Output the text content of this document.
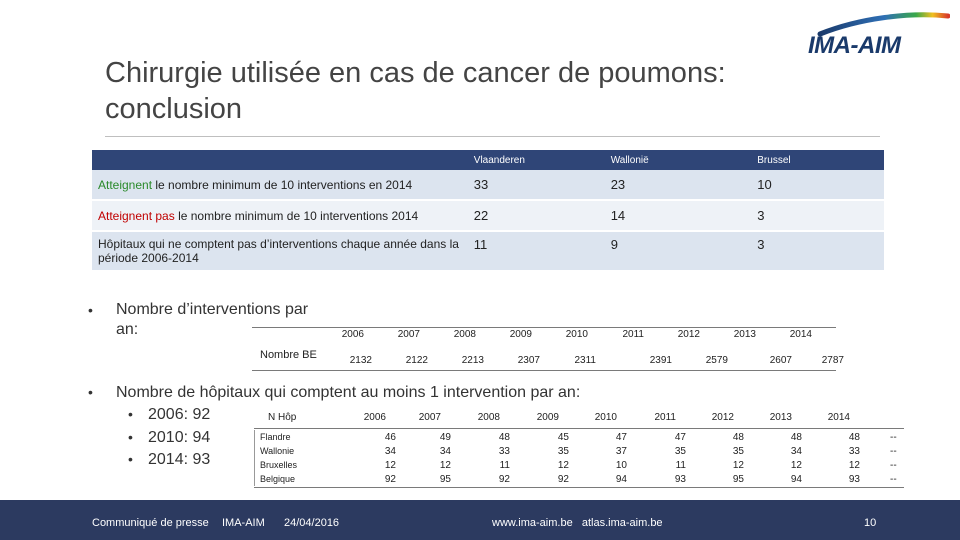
Chirurgie utilisée en cas de cancer de poumons: conclusion
IMA-AIM
	Vlaanderen	Wallonië	Brussel
Atteignent le nombre minimum de 10 interventions en 2014	33	23	10
Atteignent pas le nombre minimum de 10 interventions 2014	22	14	3
Hôpitaux qui ne comptent pas d’interventions chaque année dans la période 2006-2014	11	9	3
•	Nombre d’interventions par an:
Nombre BE
2006	2007	2008	2009	2010	2011	2012	2013	2014
2132	2122	2213	2307	2311	2391	2579	2607	2787
• Nombre de hôpitaux qui comptent au moins 1 intervention par an:
• 2006: 92
• 2010: 94
• 2014: 93
N Hôp	2006	2007	2008	2009	2010	2011	2012	2013	2014
Flandre	46	49	48	45	47	47	48	48	48	--
Wallonie	34	34	33	35	37	35	35	34	33	--
Bruxelles	12	12	11	12	10	11	12	12	12	--
Belgique	92	95	92	92	94	93	95	94	93	--
Communiqué de presse IMA-AIM 24/04/2016	www.ima-aim.be   atlas.ima-aim.be	10
